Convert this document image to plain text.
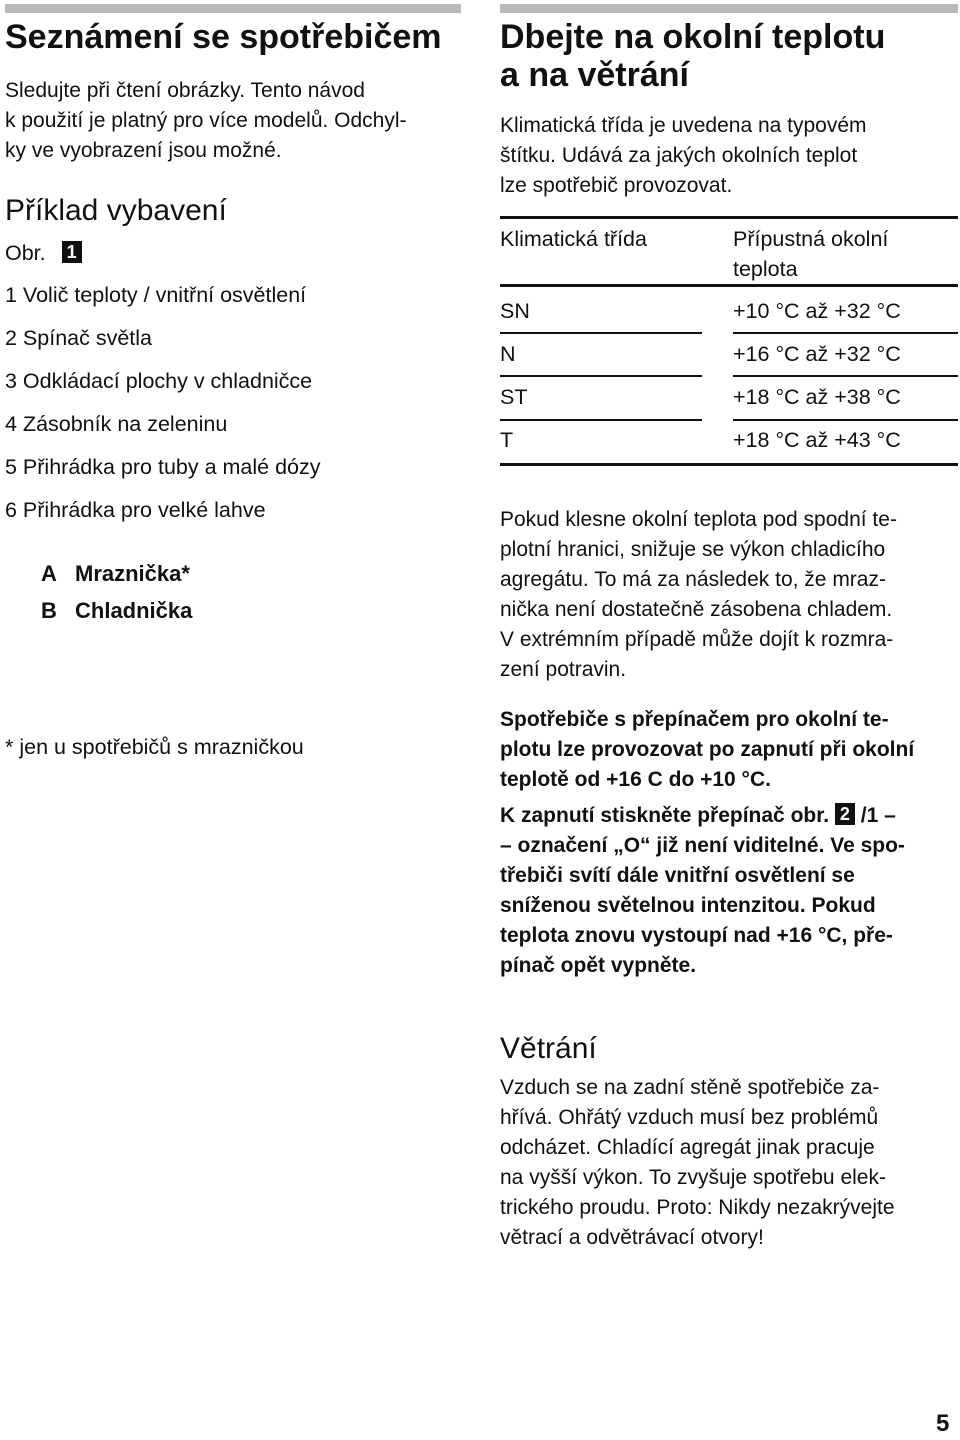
Seznámení se spotřebičem
Sledujte při čtení obrázky. Tento návod
k použití je platný pro více modelů. Odchyl-
ky ve vyobrazení jsou možné.
Příklad vybavení
Obr. 1
1 Volič teploty / vnitřní osvětlení
2 Spínač světla
3 Odkládací plochy v chladničce
4 Zásobník na zeleninu
5 Přihrádka pro tuby a malé dózy
6 Přihrádka pro velké lahve
A Mraznička*
B Chladnička
* jen u spotřebičů s mrazničkou
Dbejte na okolní teplotu
a na větrání
Klimatická třída je uvedena na typovém
štítku. Udává za jakých okolních teplot
lze spotřebič provozovat.
Klimatická třída	Přípustná okolní
teplota
SN	+10 °C až +32 °C
N	+16 °C až +32 °C
ST	+18 °C až +38 °C
T	+18 °C až +43 °C
Pokud klesne okolní teplota pod spodní te-
plotní hranici, snižuje se výkon chladicího
agregátu. To má za následek to, že mraz-
nička není dostatečně zásobena chladem.
V extrémním případě může dojít k rozmra-
zení potravin.
Spotřebiče s přepínačem pro okolní te-
plotu lze provozovat po zapnutí při okolní
teplotě od +16 C do +10 °C.
K zapnutí stiskněte přepínač obr. 2 /1 –
– označení „O“ již není viditelné. Ve spo-
třebiči svítí dále vnitřní osvětlení se
sníženou světelnou intenzitou. Pokud
teplota znovu vystoupí nad +16 °C, pře-
pínač opět vypněte.
Větrání
Vzduch se na zadní stěně spotřebiče za-
hřívá. Ohřátý vzduch musí bez problémů
odcházet. Chladící agregát jinak pracuje
na vyšší výkon. To zvyšuje spotřebu elek-
trického proudu. Proto: Nikdy nezakrývejte
větrací a odvětrávací otvory!
5
